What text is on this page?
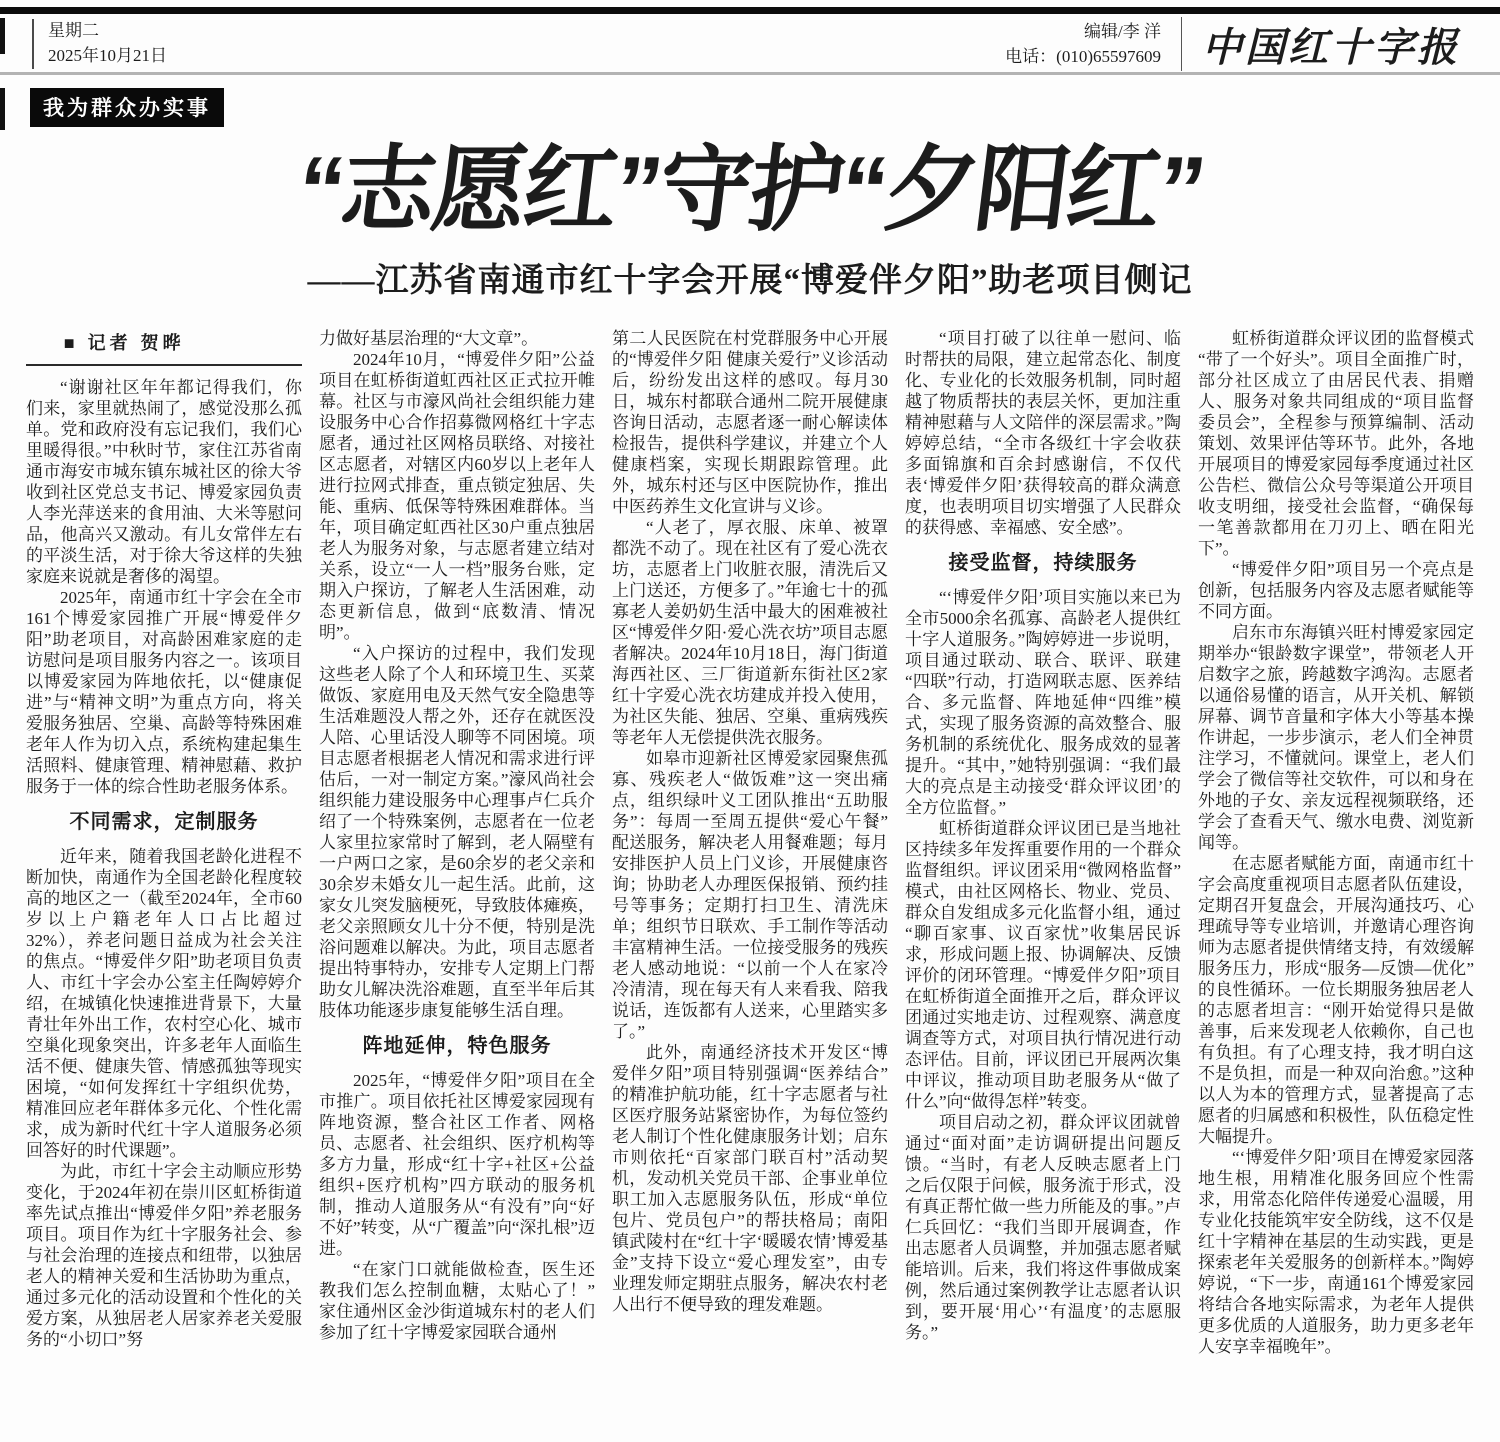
星期二
2025年10月21日
编辑/李 洋
电话：(010)65597609 中国红十字报
我为群众办实事
“志愿红”守护“夕阳红”
——江苏省南通市红十字会开展“博爱伴夕阳”助老项目侧记
■ 记者 贺晔

“谢谢社区年年都记得我们，你们来，家里就热闹了，感觉没那么孤单。党和政府没有忘记我们，我们心里暖得很。”中秋时节，家住江苏省南通市海安市城东镇东城社区的徐大爷收到社区党总支书记、博爱家园负责人李光萍送来的食用油、大米等慰问品，他高兴又激动。有儿女常伴左右的平淡生活，对于徐大爷这样的失独家庭来说就是奢侈的渴望。

2025年，南通市红十字会在全市161个博爱家园推广开展“博爱伴夕阳”助老项目，对高龄困难家庭的走访慰问是项目服务内容之一。该项目以博爱家园为阵地依托，以“健康促进”与“精神文明”为重点方向，将关爱服务独居、空巢、高龄等特殊困难老年人作为切入点，系统构建起集生活照料、健康管理、精神慰藉、救护服务于一体的综合性助老服务体系。

不同需求，定制服务

近年来，随着我国老龄化进程不断加快，南通作为全国老龄化程度较高的地区之一（截至2024年，全市60岁以上户籍老年人口占比超过32%），养老问题日益成为社会关注的焦点。“博爱伴夕阳”助老项目负责人、市红十字会办公室主任陶婷婷介绍，在城镇化快速推进背景下，大量青壮年外出工作，农村空心化、城市空巢化现象突出，许多老年人面临生活不便、健康失管、情感孤独等现实困境，“如何发挥红十字组织优势，精准回应老年群体多元化、个性化需求，成为新时代红十字人道服务必须回答好的时代课题”。

为此，市红十字会主动顺应形势变化，于2024年初在崇川区虹桥街道率先试点推出“博爱伴夕阳”养老服务项目。项目作为红十字服务社会、参与社会治理的连接点和纽带，以独居老人的精神关爱和生活协助为重点，通过多元化的活动设置和个性化的关爱方案，从独居老人居家养老关爱服务的“小切口”努

力做好基层治理的“大文章”。

2024年10月，“博爱伴夕阳”公益项目在虹桥街道虹西社区正式拉开帷幕。社区与市濠风尚社会组织能力建设服务中心合作招募微网格红十字志愿者，通过社区网格员联络、对接社区志愿者，对辖区内60岁以上老年人进行拉网式排查，重点锁定独居、失能、重病、低保等特殊困难群体。当年，项目确定虹西社区30户重点独居老人为服务对象，与志愿者建立结对关系，设立“一人一档”服务台账，定期入户探访，了解老人生活困难，动态更新信息，做到“底数清、情况明”。

“入户探访的过程中，我们发现这些老人除了个人和环境卫生、买菜做饭、家庭用电及天然气安全隐患等生活难题没人帮之外，还存在就医没人陪、心里话没人聊等不同困境。项目志愿者根据老人情况和需求进行评估后，一对一制定方案。”濠风尚社会组织能力建设服务中心理事卢仁兵介绍了一个特殊案例，志愿者在一位老人家里拉家常时了解到，老人隔壁有一户两口之家，是60余岁的老父亲和30余岁未婚女儿一起生活。此前，这家女儿突发脑梗死，导致肢体瘫痪，老父亲照顾女儿十分不便，特别是洗浴问题难以解决。为此，项目志愿者提出特事特办，安排专人定期上门帮助女儿解决洗浴难题，直至半年后其肢体功能逐步康复能够生活自理。

阵地延伸，特色服务

2025年，“博爱伴夕阳”项目在全市推广。项目依托社区博爱家园现有阵地资源，整合社区工作者、网格员、志愿者、社会组织、医疗机构等多方力量，形成“红十字+社区+公益组织+医疗机构”四方联动的服务机制，推动人道服务从“有没有”向“好不好”转变，从“广覆盖”向“深扎根”迈进。

“在家门口就能做检查，医生还教我们怎么控制血糖，太贴心了！”家住通州区金沙街道城东村的老人们参加了红十字博爱家园联合通州

第二人民医院在村党群服务中心开展的“博爱伴夕阳 健康关爱行”义诊活动后，纷纷发出这样的感叹。每月30日，城东村都联合通州二院开展健康咨询日活动，志愿者逐一耐心解读体检报告，提供科学建议，并建立个人健康档案，实现长期跟踪管理。此外，城东村还与区中医院协作，推出中医药养生文化宣讲与义诊。

“人老了，厚衣服、床单、被罩都洗不动了。现在社区有了爱心洗衣坊，志愿者上门收脏衣服，清洗后又上门送还，方便多了。”年逾七十的孤寡老人姜奶奶生活中最大的困难被社区“博爱伴夕阳·爱心洗衣坊”项目志愿者解决。2024年10月18日，海门街道海西社区、三厂街道新东街社区2家红十字爱心洗衣坊建成并投入使用，为社区失能、独居、空巢、重病残疾等老年人无偿提供洗衣服务。

如皋市迎新社区博爱家园聚焦孤寡、残疾老人“做饭难”这一突出痛点，组织绿叶义工团队推出“五助服务”：每周一至周五提供“爱心午餐”配送服务，解决老人用餐难题；每月安排医护人员上门义诊，开展健康咨询；协助老人办理医保报销、预约挂号等事务；定期打扫卫生、清洗床单；组织节日联欢、手工制作等活动丰富精神生活。一位接受服务的残疾老人感动地说：“以前一个人在家冷冷清清，现在每天有人来看我、陪我说话，连饭都有人送来，心里踏实多了。”

此外，南通经济技术开发区“博爱伴夕阳”项目特别强调“医养结合”的精准护航功能，红十字志愿者与社区医疗服务站紧密协作，为每位签约老人制订个性化健康服务计划；启东市则依托“百家部门联百村”活动契机，发动机关党员干部、企事业单位职工加入志愿服务队伍，形成“单位包片、党员包户”的帮扶格局；南阳镇武陵村在“红十字‘暖暖农情’博爱基金”支持下设立“爱心理发室”，由专业理发师定期驻点服务，解决农村老人出行不便导致的理发难题。

“项目打破了以往单一慰问、临时帮扶的局限，建立起常态化、制度化、专业化的长效服务机制，同时超越了物质帮扶的表层关怀，更加注重精神慰藉与人文陪伴的深层需求。”陶婷婷总结，“全市各级红十字会收获多面锦旗和百余封感谢信，不仅代表‘博爱伴夕阳’获得较高的群众满意度，也表明项目切实增强了人民群众的获得感、幸福感、安全感”。

接受监督，持续服务

“‘博爱伴夕阳’项目实施以来已为全市5000余名孤寡、高龄老人提供红十字人道服务。”陶婷婷进一步说明，项目通过联动、联合、联评、联建“四联”行动，打造网联志愿、医养结合、多元监督、阵地延伸“四维”模式，实现了服务资源的高效整合、服务机制的系统优化、服务成效的显著提升。“其中，”她特别强调：“我们最大的亮点是主动接受‘群众评议团’的全方位监督。”

虹桥街道群众评议团已是当地社区持续多年发挥重要作用的一个群众监督组织。评议团采用“微网格监督”模式，由社区网格长、物业、党员、群众自发组成多元化监督小组，通过“聊百家事、议百家忧”收集居民诉求，形成问题上报、协调解决、反馈评价的闭环管理。“博爱伴夕阳”项目在虹桥街道全面推开之后，群众评议团通过实地走访、过程观察、满意度调查等方式，对项目执行情况进行动态评估。目前，评议团已开展两次集中评议，推动项目助老服务从“做了什么”向“做得怎样”转变。

项目启动之初，群众评议团就曾通过“面对面”走访调研提出问题反馈。“当时，有老人反映志愿者上门之后仅限于问候，服务流于形式，没有真正帮忙做一些力所能及的事。”卢仁兵回忆：“我们当即开展调查，作出志愿者人员调整，并加强志愿者赋能培训。后来，我们将这件事做成案例，然后通过案例教学让志愿者认识到，要开展‘用心’‘有温度’的志愿服务。”

虹桥街道群众评议团的监督模式“带了一个好头”。项目全面推广时，部分社区成立了由居民代表、捐赠人、服务对象共同组成的“项目监督委员会”，全程参与预算编制、活动策划、效果评估等环节。此外，各地开展项目的博爱家园每季度通过社区公告栏、微信公众号等渠道公开项目收支明细，接受社会监督，“确保每一笔善款都用在刀刃上、晒在阳光下”。

“博爱伴夕阳”项目另一个亮点是创新，包括服务内容及志愿者赋能等不同方面。

启东市东海镇兴旺村博爱家园定期举办“银龄数字课堂”，带领老人开启数字之旅，跨越数字鸿沟。志愿者以通俗易懂的语言，从开关机、解锁屏幕、调节音量和字体大小等基本操作讲起，一步步演示，老人们全神贯注学习，不懂就问。课堂上，老人们学会了微信等社交软件，可以和身在外地的子女、亲友远程视频联络，还学会了查看天气、缴水电费、浏览新闻等。

在志愿者赋能方面，南通市红十字会高度重视项目志愿者队伍建设，定期召开复盘会，开展沟通技巧、心理疏导等专业培训，并邀请心理咨询师为志愿者提供情绪支持，有效缓解服务压力，形成“服务—反馈—优化”的良性循环。一位长期服务独居老人的志愿者坦言：“刚开始觉得只是做善事，后来发现老人依赖你，自己也有负担。有了心理支持，我才明白这不是负担，而是一种双向治愈。”这种以人为本的管理方式，显著提高了志愿者的归属感和积极性，队伍稳定性大幅提升。

“‘博爱伴夕阳’项目在博爱家园落地生根，用精准化服务回应个性需求，用常态化陪伴传递爱心温暖，用专业化技能筑牢安全防线，这不仅是红十字精神在基层的生动实践，更是探索老年关爱服务的创新样本。”陶婷婷说，“下一步，南通161个博爱家园将结合各地实际需求，为老年人提供更多优质的人道服务，助力更多老年人安享幸福晚年”。
